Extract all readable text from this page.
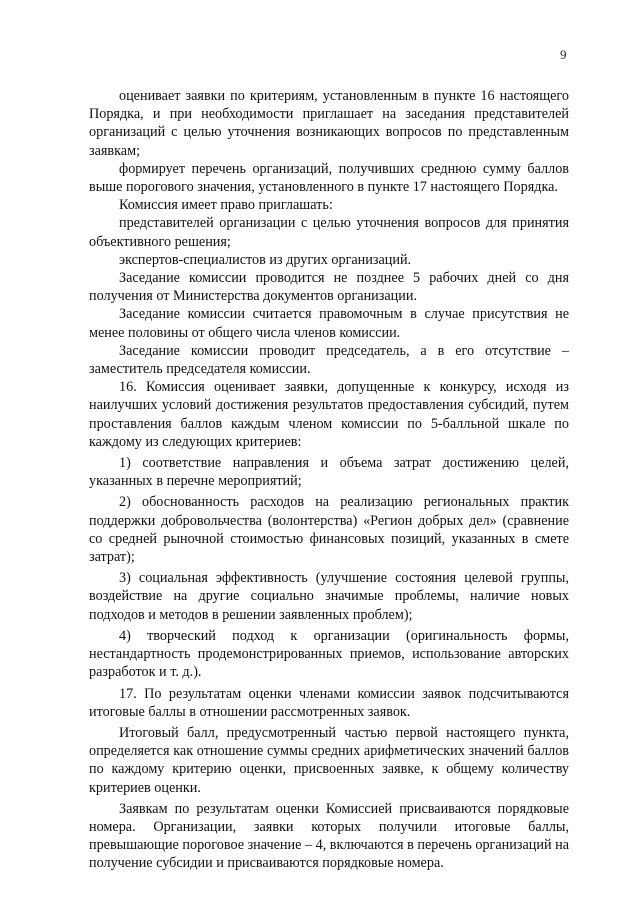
9

оценивает заявки по критериям, установленным в пункте 16 настоящего Порядка, и при необходимости приглашает на заседания представителей организаций с целью уточнения возникающих вопросов по представленным заявкам;

формирует перечень организаций, получивших среднюю сумму баллов выше порогового значения, установленного в пункте 17 настоящего Порядка.

Комиссия имеет право приглашать:

представителей организации с целью уточнения вопросов для принятия объективного решения;

экспертов-специалистов из других организаций.

Заседание комиссии проводится не позднее 5 рабочих дней со дня получения от Министерства документов организации.

Заседание комиссии считается правомочным в случае присутствия не менее половины от общего числа членов комиссии.

Заседание комиссии проводит председатель, а в его отсутствие – заместитель председателя комиссии.

16. Комиссия оценивает заявки, допущенные к конкурсу, исходя из наилучших условий достижения результатов предоставления субсидий, путем проставления баллов каждым членом комиссии по 5-балльной шкале по каждому из следующих критериев:

1) соответствие направления и объема затрат достижению целей, указанных в перечне мероприятий;

2) обоснованность расходов на реализацию региональных практик поддержки добровольчества (волонтерства) «Регион добрых дел» (сравнение со средней рыночной стоимостью финансовых позиций, указанных в смете затрат);

3) социальная эффективность (улучшение состояния целевой группы, воздействие на другие социально значимые проблемы, наличие новых подходов и методов в решении заявленных проблем);

4) творческий подход к организации (оригинальность формы, нестандартность продемонстрированных приемов, использование авторских разработок и т. д.).

17. По результатам оценки членами комиссии заявок подсчитываются итоговые баллы в отношении рассмотренных заявок.

Итоговый балл, предусмотренный частью первой настоящего пункта, определяется как отношение суммы средних арифметических значений баллов по каждому критерию оценки, присвоенных заявке, к общему количеству критериев оценки.

Заявкам по результатам оценки Комиссией присваиваются порядковые номера. Организации, заявки которых получили итоговые баллы, превышающие пороговое значение – 4, включаются в перечень организаций на получение субсидии и присваиваются порядковые номера.
